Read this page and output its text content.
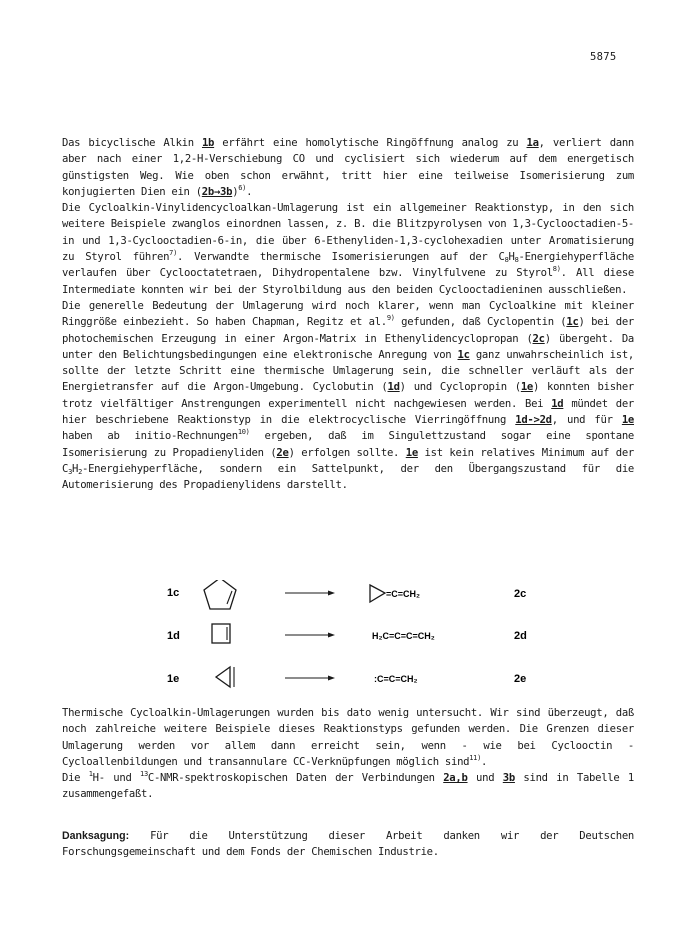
5875

Das bicyclische Alkin 1b erfährt eine homolytische Ringöffnung analog zu 1a, verliert dann aber nach einer 1,2-H-Verschiebung CO und cyclisiert sich wiederum auf dem energetisch günstigsten Weg. Wie oben schon erwähnt, tritt hier eine teilweise Isomerisierung zum konjugierten Dien ein $(2b\to 3b)^{6)}$.

Die Cycloalkin-Vinylidencycloalkan-Umlagerung ist ein allgemeiner Reaktionstyp, in den sich weitere Beispiele zwanglos einordnen lassen, z. B. die Blitzpyrolysen von 1,3-Cyclooctadien-5-in und 1,3-Cyclooctadien-6-in, die über 6-Ethenyliden-1,3-cyclohexadien unter Aromatisierung zu Styrol führen$^{7)}$. Verwandte thermische Isomerisierungen auf der $C_8H_8$-Energiehyperfläche verlaufen über Cyclooctatetraen, Dihydropentalene bzw. Vinylfulvene zu Styrol$^{8)}$. All diese Intermediate konnten wir bei der Styrolbildung aus den beiden Cyclooctadieninen ausschließen.

Die generelle Bedeutung der Umlagerung wird noch klarer, wenn man Cycloalkine mit kleiner Ringgröße einbezieht. So haben Chapman, Regitz et al.$^{9)}$ gefunden, daß Cyclopentin (1c) bei der photochemischen Erzeugung in einer Argon-Matrix in Ethenylidencyclopropan (2c) übergeht. Da unter den Belichtungsbedingungen eine elektronische Anregung von 1c ganz unwahrscheinlich ist, sollte der letzte Schritt eine thermische Umlagerung sein, die schneller verläuft als der Energietransfer auf die Argon-Umgebung. Cyclobutin (1d) und Cyclopropin (1e) konnten bisher trotz vielfältiger Anstrengungen experimentell nicht nachgewiesen werden. Bei 1d mündet der hier beschriebene Reaktionstyp in die elektrocyclische Vierringöffnung 1d->2d, und für 1e haben ab initio-Rechnungen$^{10)}$ ergeben, daß im Singulettzustand sogar eine spontane Isomerisierung zu Propadienyliden (2e) erfolgen sollte. 1e ist kein relatives Minimum auf der $C_3H_2$-Energiehyperfläche, sondern ein Sattelpunkt, der den Übergangszustand für die Automerisierung des Propadienylidens darstellt.

1c	=C=CH₂	2c
1d	H₂C=C=C=CH₂	2d
1e	:C=C=CH₂	2e

Thermische Cycloalkin-Umlagerungen wurden bis dato wenig untersucht. Wir sind überzeugt, daß noch zahlreiche weitere Beispiele dieses Reaktionstyps gefunden werden. Die Grenzen dieser Umlagerung werden vor allem dann erreicht sein, wenn - wie bei Cyclooctin - Cycloallenbildungen und transannulare CC-Verknüpfungen möglich sind$^{11)}$.

Die $^1$H- und $^{13}$C-NMR-spektroskopischen Daten der Verbindungen 2a,b und 3b sind in Tabelle 1 zusammengefaßt.

Danksagung: Für die Unterstützung dieser Arbeit danken wir der Deutschen Forschungsgemeinschaft und dem Fonds der Chemischen Industrie.
